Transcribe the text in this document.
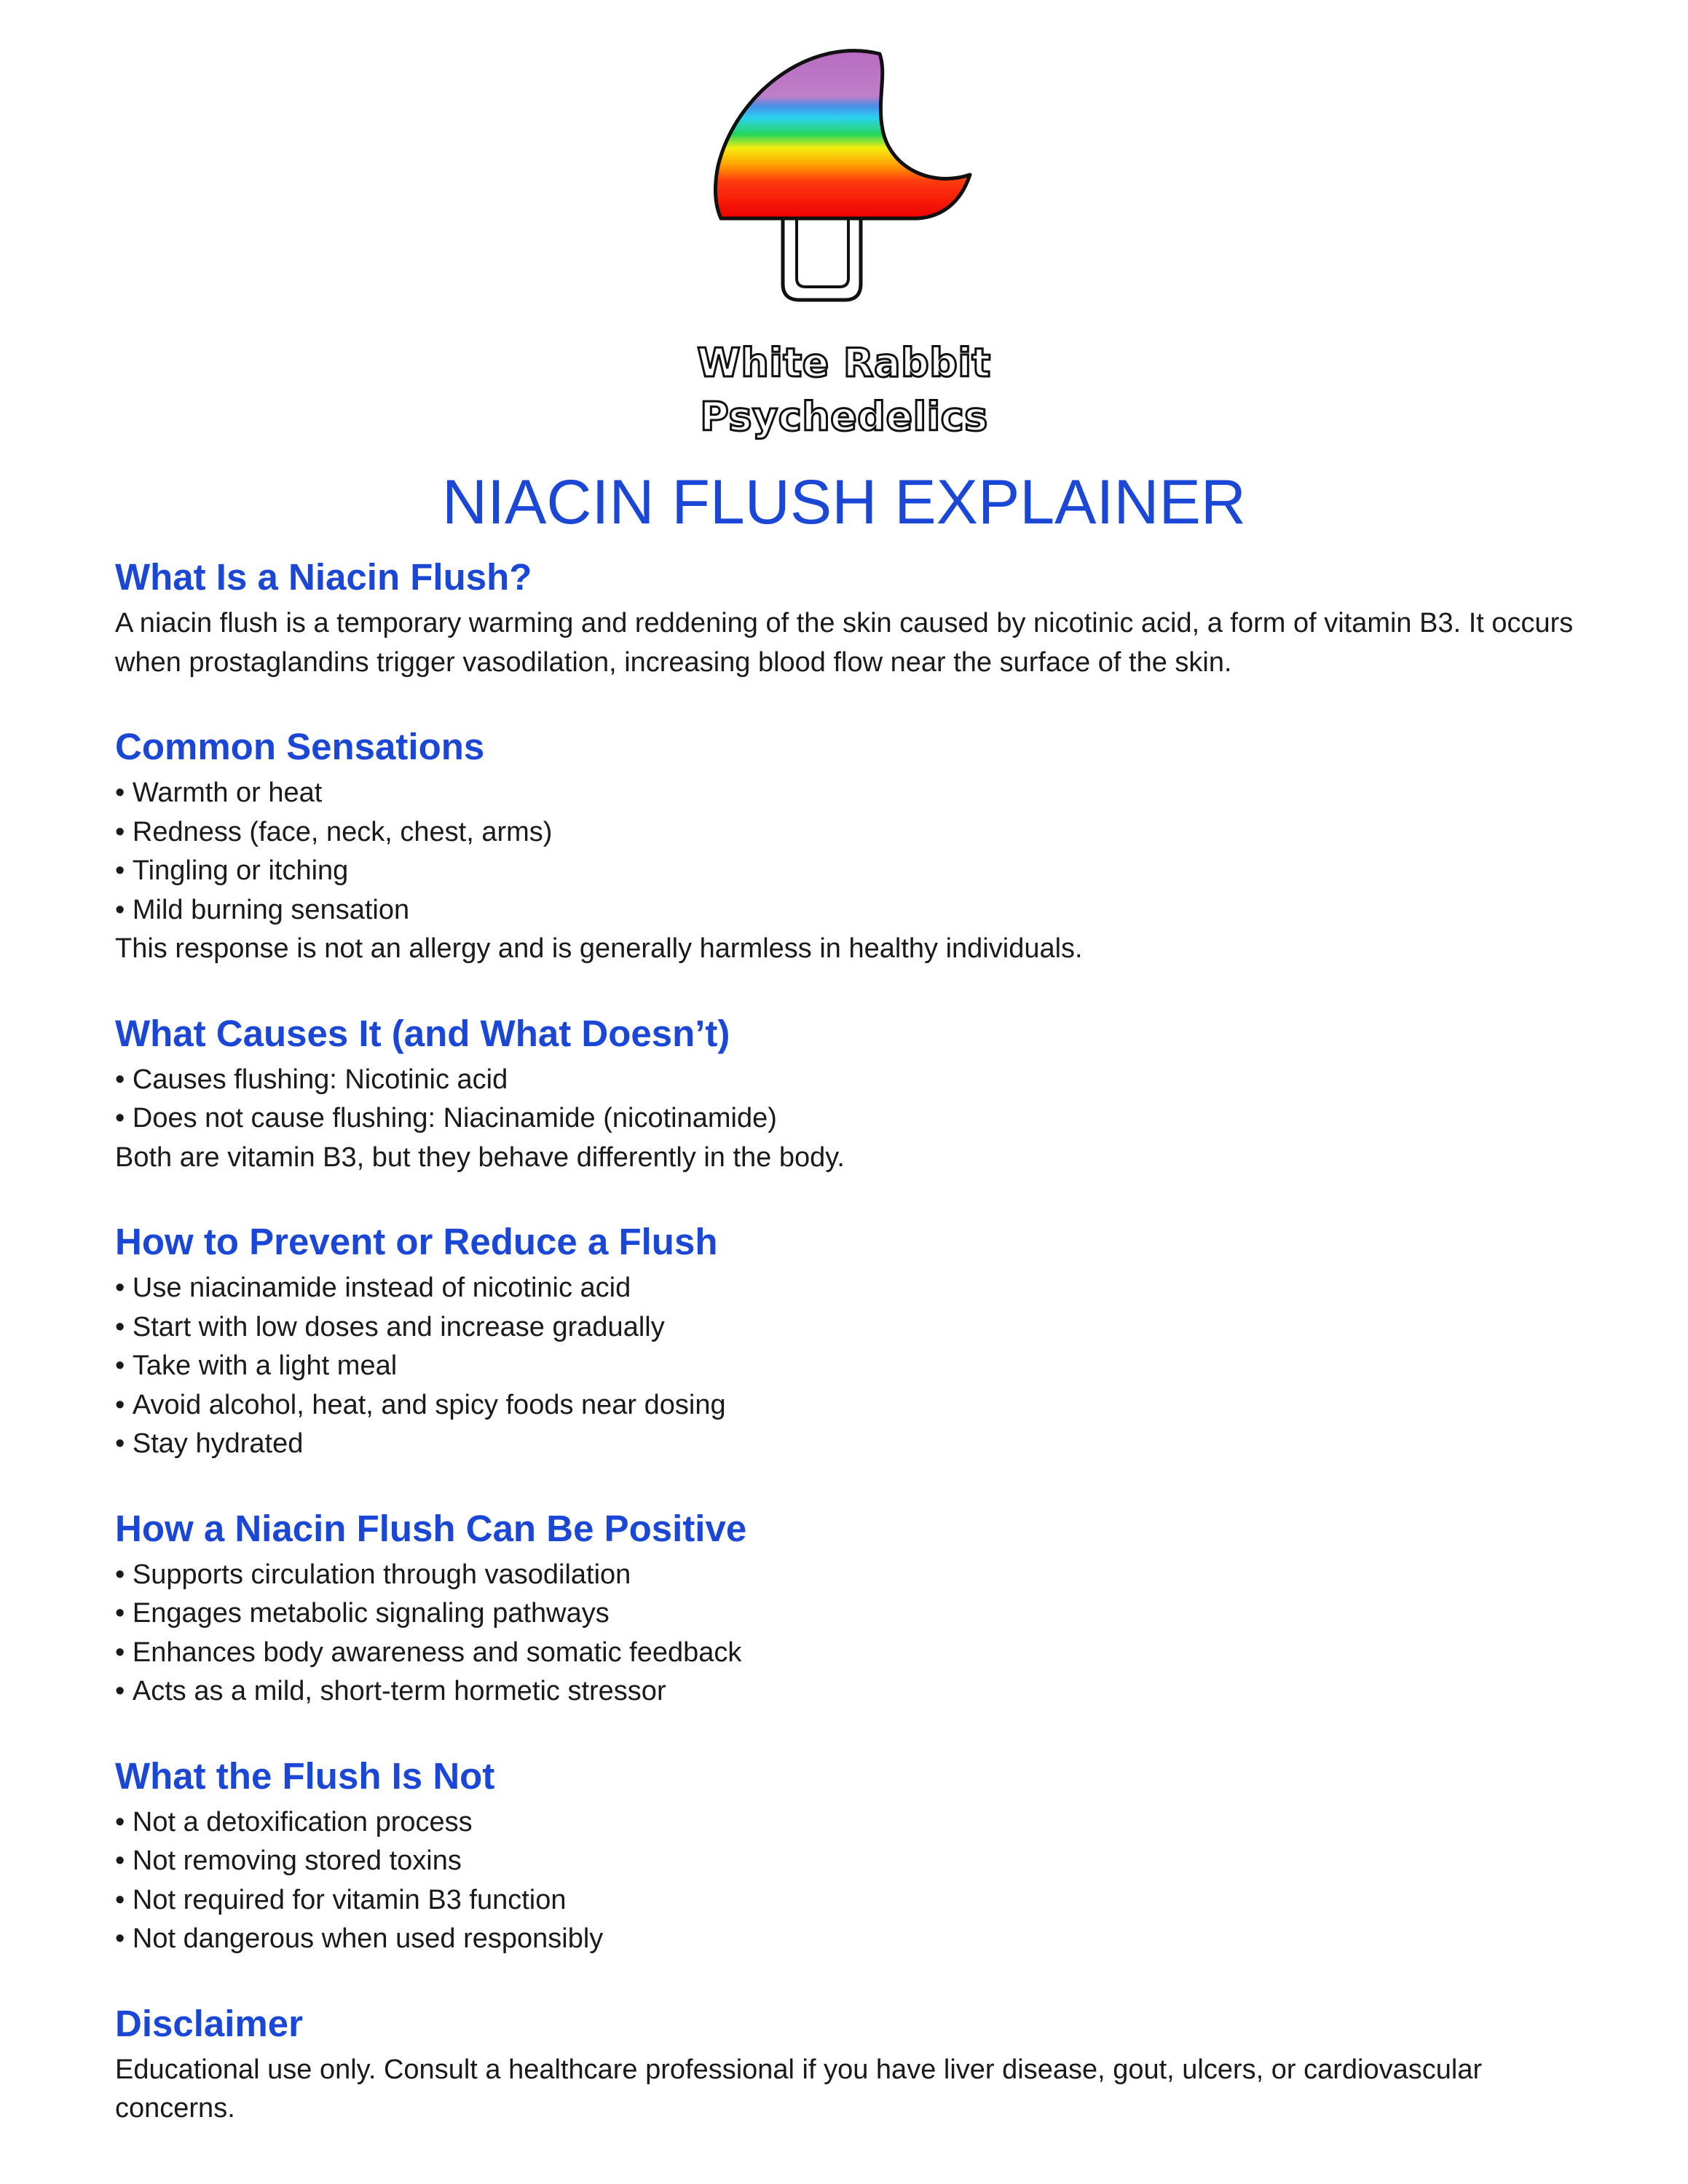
White Rabbit
Psychedelics
NIACIN FLUSH EXPLAINER
What Is a Niacin Flush?

A niacin flush is a temporary warming and reddening of the skin caused by nicotinic acid, a form of vitamin B3. It occurs when prostaglandins trigger vasodilation, increasing blood flow near the surface of the skin.

Common Sensations
• Warmth or heat
• Redness (face, neck, chest, arms)
• Tingling or itching
• Mild burning sensation

This response is not an allergy and is generally harmless in healthy individuals.

What Causes It (and What Doesn’t)
• Causes flushing: Nicotinic acid
• Does not cause flushing: Niacinamide (nicotinamide)

Both are vitamin B3, but they behave differently in the body.

How to Prevent or Reduce a Flush
• Use niacinamide instead of nicotinic acid
• Start with low doses and increase gradually
• Take with a light meal
• Avoid alcohol, heat, and spicy foods near dosing
• Stay hydrated
How a Niacin Flush Can Be Positive
• Supports circulation through vasodilation
• Engages metabolic signaling pathways
• Enhances body awareness and somatic feedback
• Acts as a mild, short-term hormetic stressor
What the Flush Is Not
• Not a detoxification process
• Not removing stored toxins
• Not required for vitamin B3 function
• Not dangerous when used responsibly
Disclaimer

Educational use only. Consult a healthcare professional if you have liver disease, gout, ulcers, or cardiovascular concerns.
